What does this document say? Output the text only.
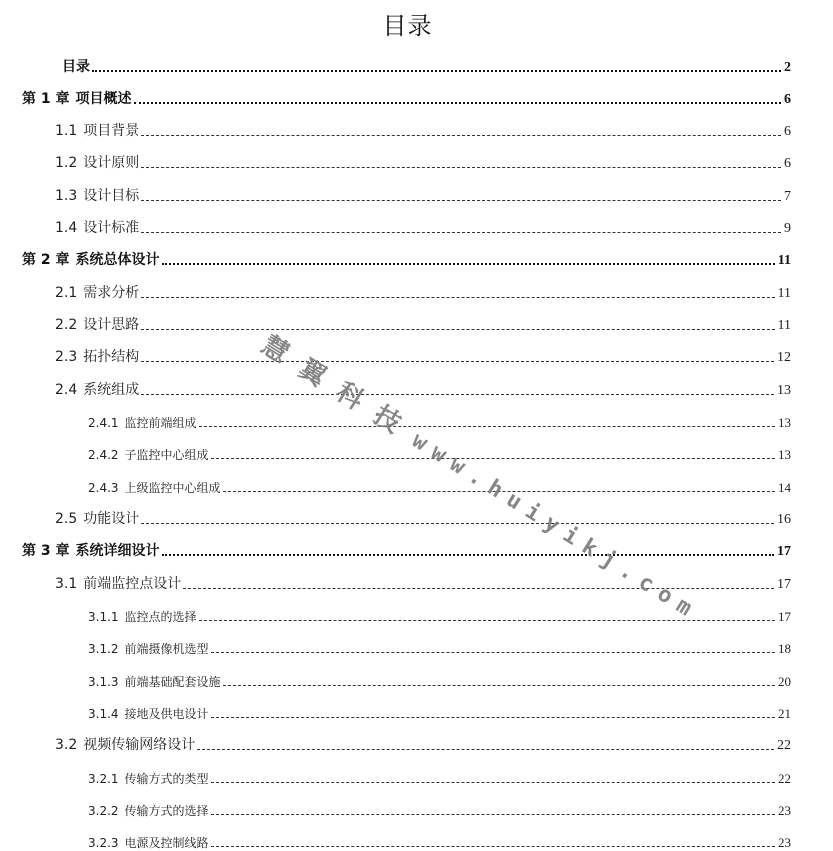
目录
目录	2
第 1 章 项目概述	6
1.1 项目背景	6
1.2 设计原则	6
1.3 设计目标	7
1.4 设计标准	9
第 2 章 系统总体设计	11
2.1 需求分析	11
2.2 设计思路	11
2.3 拓扑结构	12
2.4 系统组成	13
2.4.1 监控前端组成	13
2.4.2 子监控中心组成	13
2.4.3 上级监控中心组成	14
2.5 功能设计	16
第 3 章 系统详细设计	17
3.1 前端监控点设计	17
3.1.1 监控点的选择	17
3.1.2 前端摄像机选型	18
3.1.3 前端基础配套设施	20
3.1.4 接地及供电设计	21
3.2 视频传输网络设计	22
3.2.1 传输方式的类型	22
3.2.2 传输方式的选择	23
3.2.3 电源及控制线路	23
慧翼科技www.huiyikj.com
